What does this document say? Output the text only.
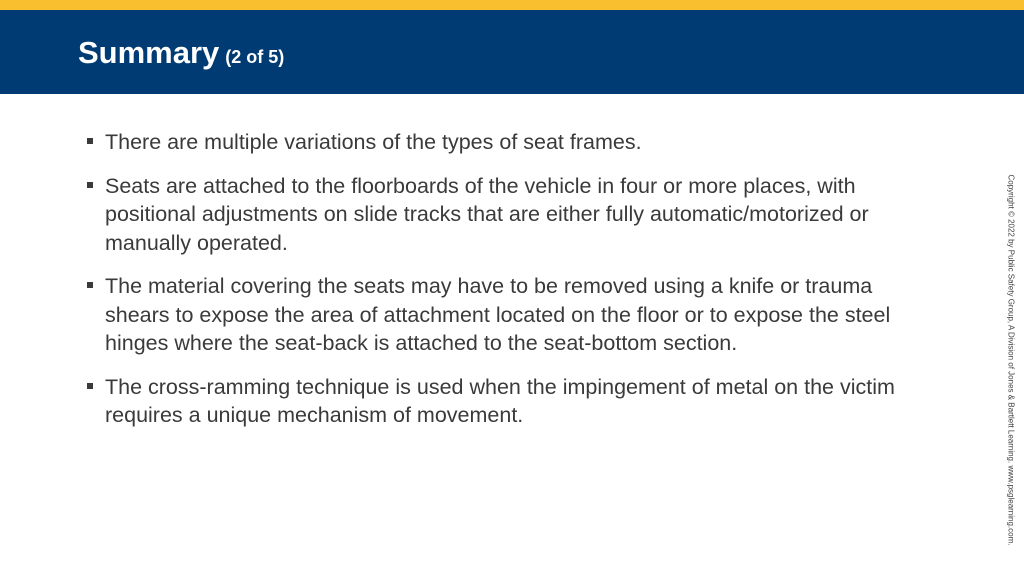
Summary (2 of 5)
There are multiple variations of the types of seat frames.
Seats are attached to the floorboards of the vehicle in four or more places, with positional adjustments on slide tracks that are either fully automatic/motorized or manually operated.
The material covering the seats may have to be removed using a knife or trauma shears to expose the area of attachment located on the floor or to expose the steel hinges where the seat-back is attached to the seat-bottom section.
The cross-ramming technique is used when the impingement of metal on the victim requires a unique mechanism of movement.	Copyright © 2022 by Public Safety Group, A Division of Jones & Bartlett Learning. www.psglearning.com.
